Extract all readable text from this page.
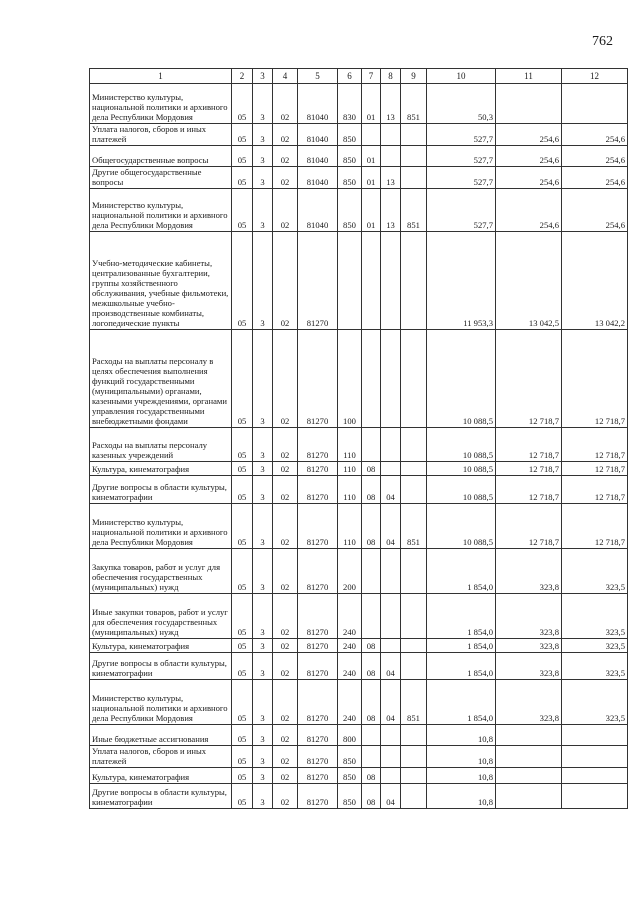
762
1	2	3	4	5	6	7	8	9	10	11	12
Министерство культуры, национальной политики и архивного дела Республики Мордовия	05	3	02	81040	830	01	13	851	50,3		
Уплата налогов, сборов и иных платежей	05	3	02	81040	850				527,7	254,6	254,6
Общегосударственные вопросы	05	3	02	81040	850	01			527,7	254,6	254,6
Другие общегосударственные вопросы	05	3	02	81040	850	01	13		527,7	254,6	254,6
Министерство культуры, национальной политики и архивного дела Республики Мордовия	05	3	02	81040	850	01	13	851	527,7	254,6	254,6
Учебно-методические кабинеты, централизованные бухгалтерии, группы хозяйственного обслуживания, учебные фильмотеки, межшкольные учебно-производственные комбинаты, логопедические пункты	05	3	02	81270					11 953,3	13 042,5	13 042,2
Расходы на выплаты персоналу в целях обеспечения выполнения функций государственными (муниципальными) органами, казенными учреждениями, органами управления государственными внебюджетными фондами	05	3	02	81270	100				10 088,5	12 718,7	12 718,7
Расходы на выплаты персоналу казенных учреждений	05	3	02	81270	110				10 088,5	12 718,7	12 718,7
Культура, кинематография	05	3	02	81270	110	08			10 088,5	12 718,7	12 718,7
Другие вопросы в области культуры, кинематографии	05	3	02	81270	110	08	04		10 088,5	12 718,7	12 718,7
Министерство культуры, национальной политики и архивного дела Республики Мордовия	05	3	02	81270	110	08	04	851	10 088,5	12 718,7	12 718,7
Закупка товаров, работ и услуг для обеспечения государственных (муниципальных) нужд	05	3	02	81270	200				1 854,0	323,8	323,5
Иные закупки товаров, работ и услуг для обеспечения государственных (муниципальных) нужд	05	3	02	81270	240				1 854,0	323,8	323,5
Культура, кинематография	05	3	02	81270	240	08			1 854,0	323,8	323,5
Другие вопросы в области культуры, кинематографии	05	3	02	81270	240	08	04		1 854,0	323,8	323,5
Министерство культуры, национальной политики и архивного дела Республики Мордовия	05	3	02	81270	240	08	04	851	1 854,0	323,8	323,5
Иные бюджетные ассигнования	05	3	02	81270	800				10,8		
Уплата налогов, сборов и иных платежей	05	3	02	81270	850				10,8		
Культура, кинематография	05	3	02	81270	850	08			10,8		
Другие вопросы в области культуры, кинематографии	05	3	02	81270	850	08	04		10,8		
